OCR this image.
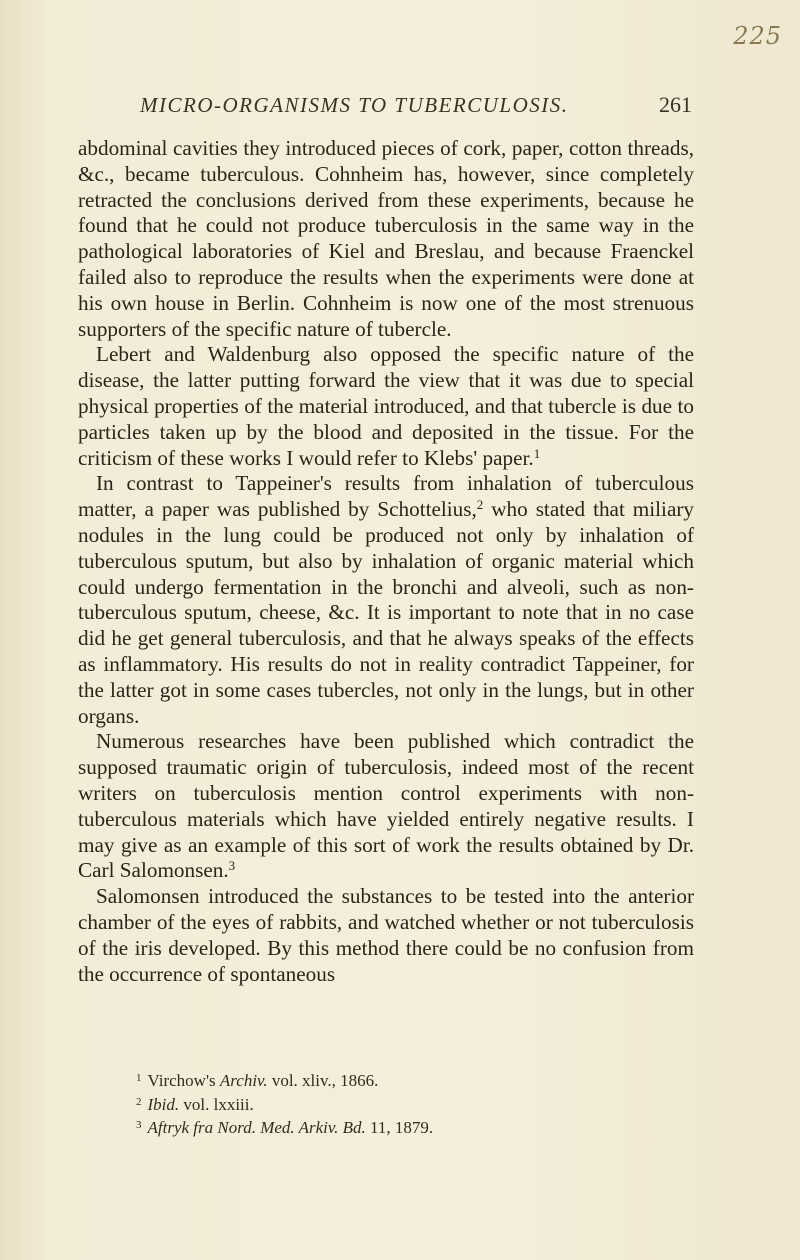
225
MICRO-ORGANISMS TO TUBERCULOSIS.	261

abdominal cavities they introduced pieces of cork, paper, cotton threads, &c., became tuberculous. Cohnheim has, however, since completely retracted the conclusions derived from these experiments, because he found that he could not produce tuberculosis in the same way in the pathological laboratories of Kiel and Breslau, and because Fraenckel failed also to reproduce the results when the experiments were done at his own house in Berlin. Cohnheim is now one of the most strenuous supporters of the specific nature of tubercle.

Lebert and Waldenburg also opposed the specific nature of the disease, the latter putting forward the view that it was due to special physical properties of the material introduced, and that tubercle is due to particles taken up by the blood and deposited in the tissue. For the criticism of these works I would refer to Klebs' paper.$^1$

In contrast to Tappeiner's results from inhalation of tuberculous matter, a paper was published by Schottelius,$^2$ who stated that miliary nodules in the lung could be produced not only by inhalation of tuberculous sputum, but also by inhalation of organic material which could undergo fermentation in the bronchi and alveoli, such as non-tuberculous sputum, cheese, &c. It is important to note that in no case did he get general tuberculosis, and that he always speaks of the effects as inflammatory. His results do not in reality contradict Tappeiner, for the latter got in some cases tubercles, not only in the lungs, but in other organs.

Numerous researches have been published which contradict the supposed traumatic origin of tuberculosis, indeed most of the recent writers on tuberculosis mention control experiments with non-tuberculous materials which have yielded entirely negative results. I may give as an example of this sort of work the results obtained by Dr. Carl Salomonsen.$^3$

Salomonsen introduced the substances to be tested into the anterior chamber of the eyes of rabbits, and watched whether or not tuberculosis of the iris developed. By this method there could be no confusion from the occurrence of spontaneous

$^1$ Virchow's Archiv. vol. xliv., 1866.
$^2$ Ibid. vol. lxxiii.
$^3$ Aftryk fra Nord. Med. Arkiv. Bd. 11, 1879.
